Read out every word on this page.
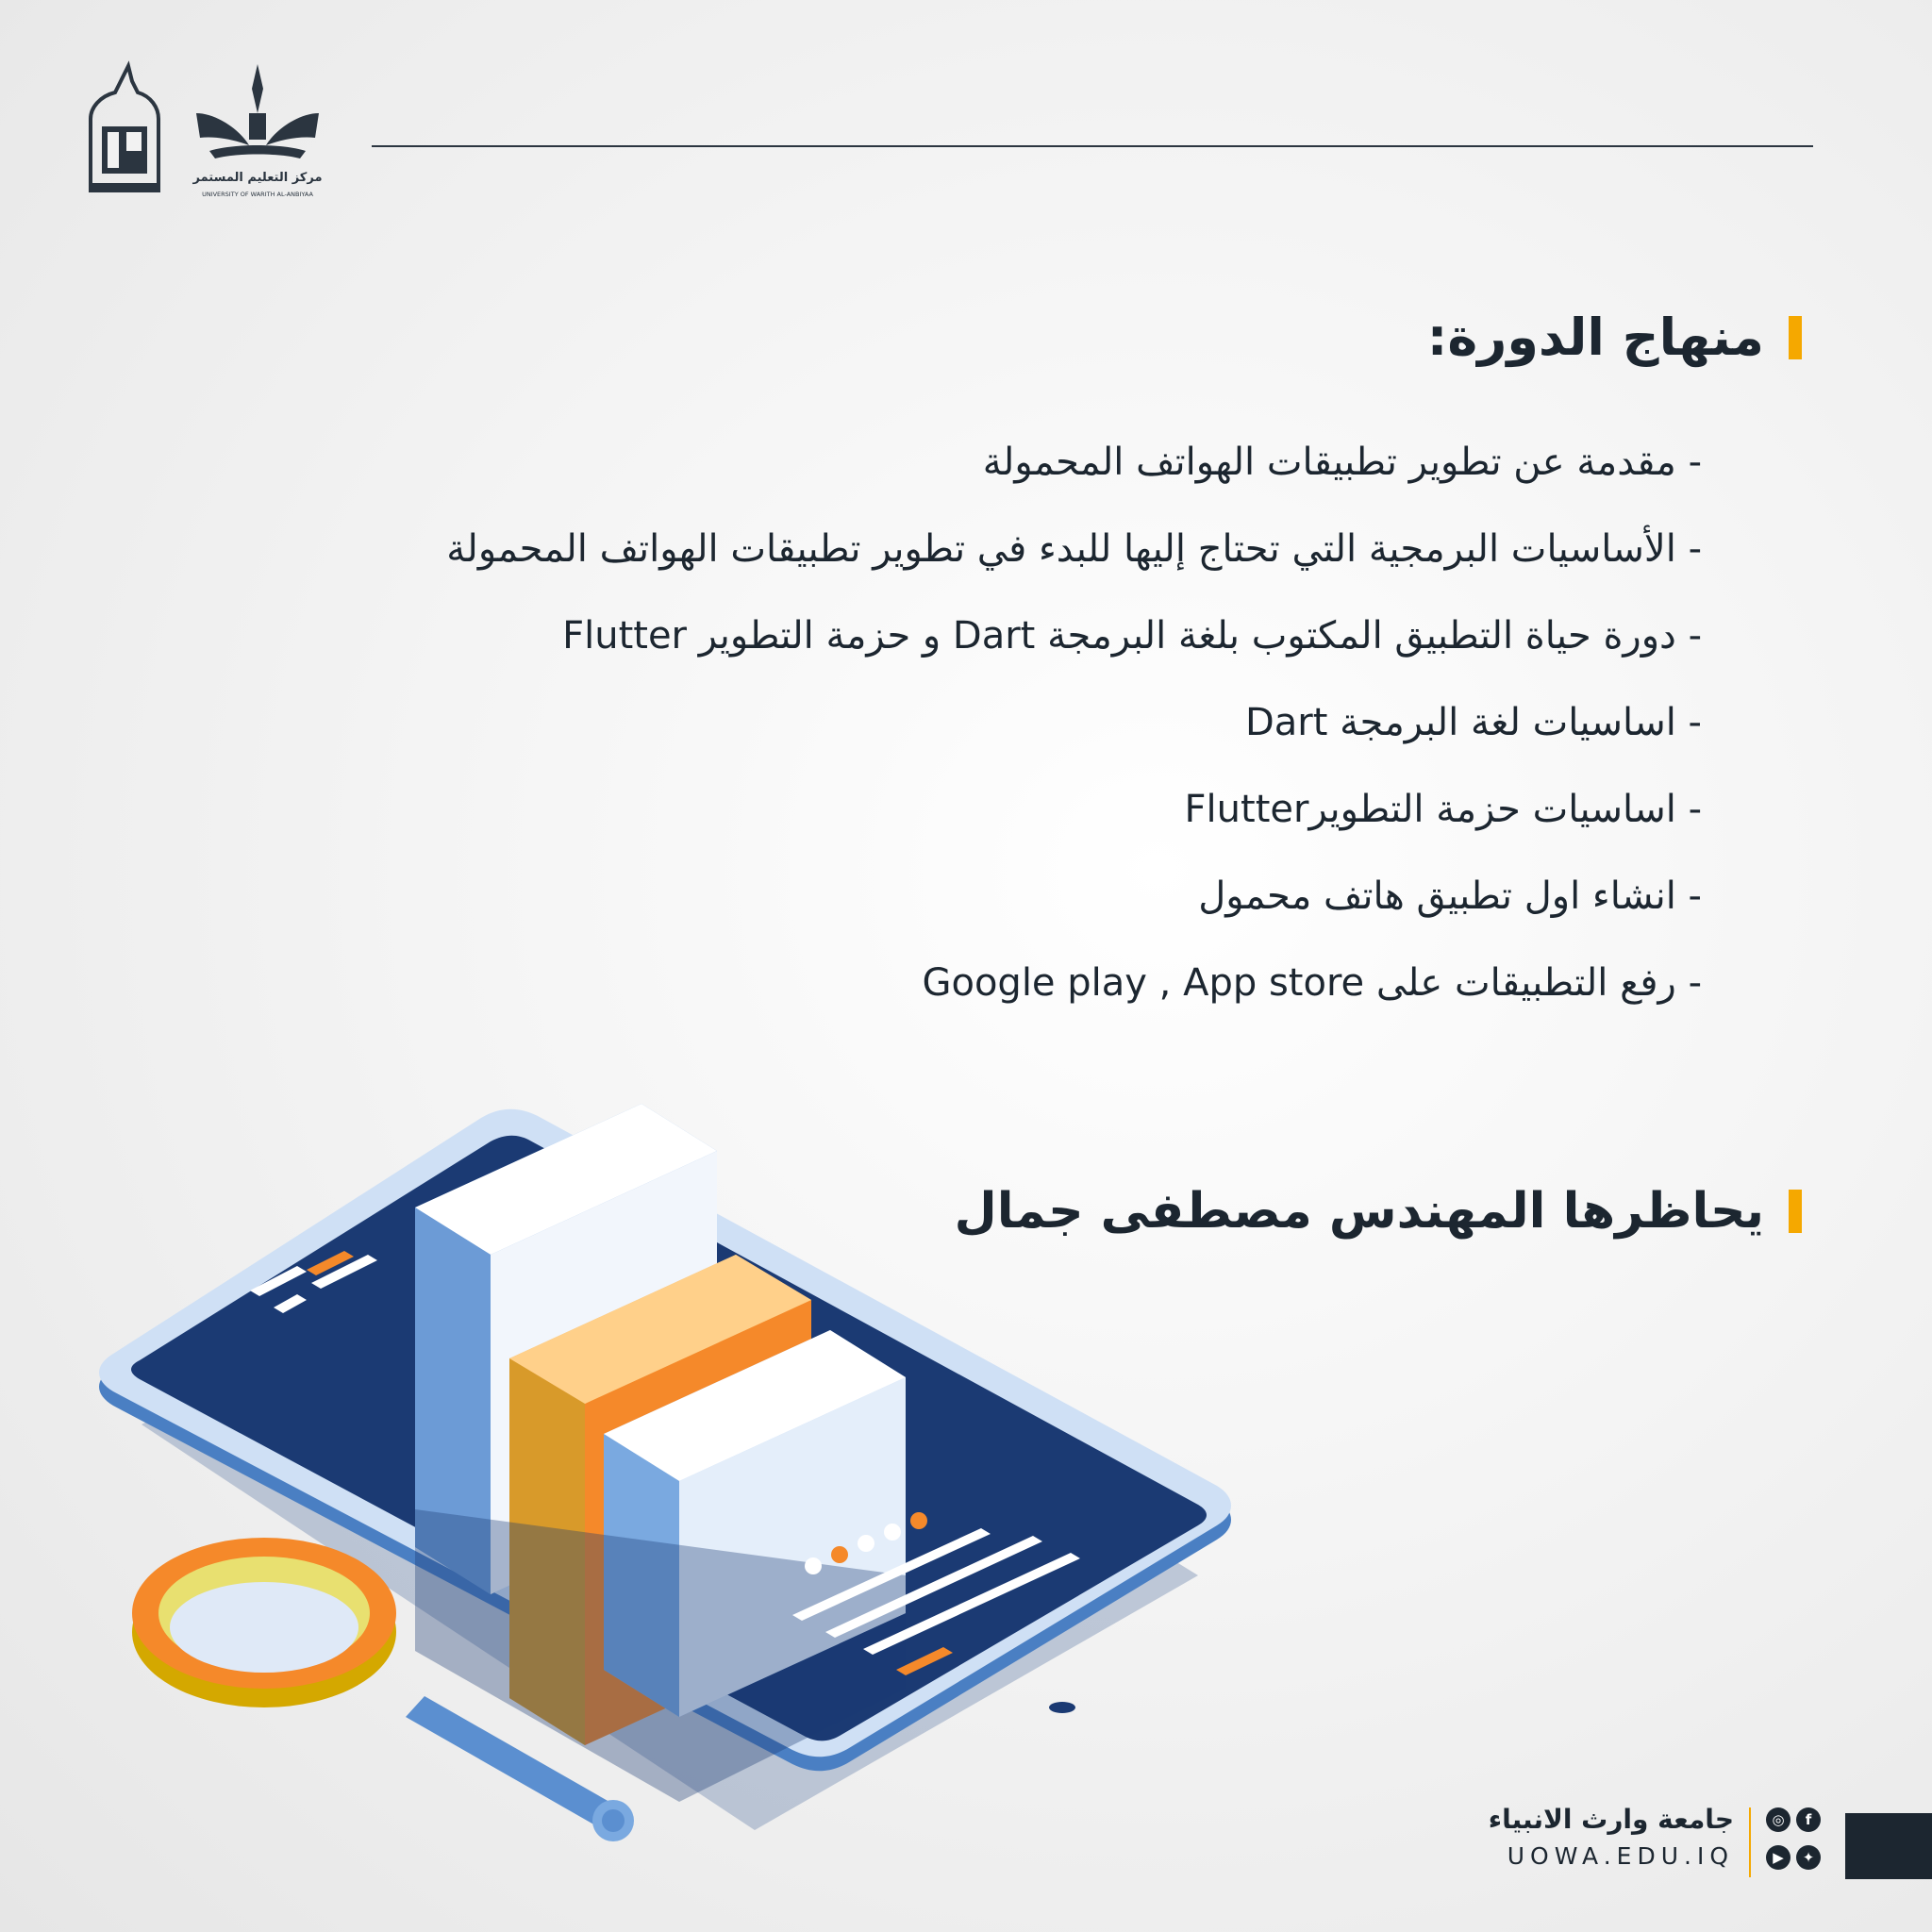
مركز التعليم المستمر
UNIVERSITY OF WARITH AL-ANBIYAA
منهاج الدورة:
- مقدمة عن تطوير تطبيقات الهواتف المحمولة
- الأساسيات البرمجية التي تحتاج إليها للبدء في تطوير تطبيقات الهواتف المحمولة
- دورة حياة التطبيق المكتوب بلغة البرمجة Dart و حزمة التطوير Flutter
- اساسيات لغة البرمجة Dart
- اساسيات حزمة التطويرFlutter
- انشاء اول تطبيق هاتف محمول
- رفع التطبيقات على Google play , App store
يحاظرها المهندس مصطفى جمال
جامعة وارث الانبياء
UOWA.EDU.IQ
◎	f
▶	✦
